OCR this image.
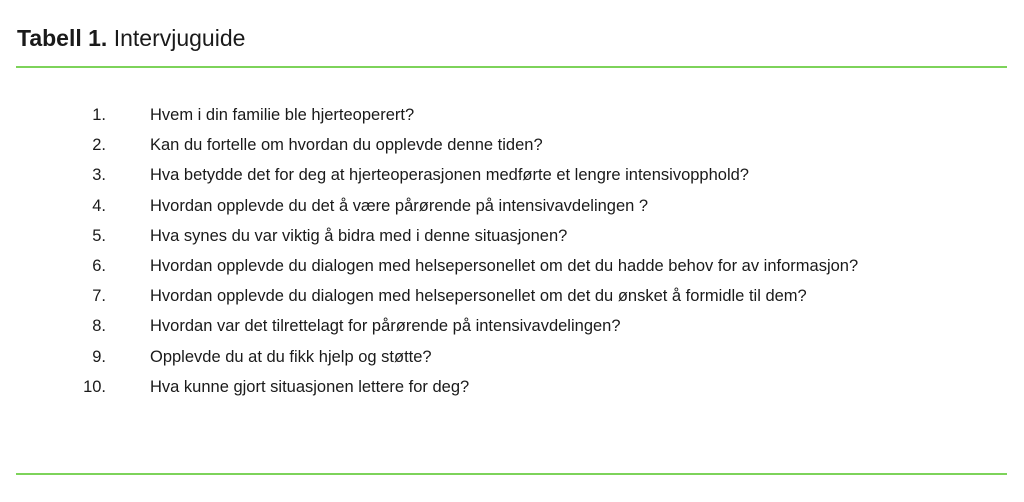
Tabell 1. Intervjuguide
1.	Hvem i din familie ble hjerteoperert?
2.	Kan du fortelle om hvordan du opplevde denne tiden?
3.	Hva betydde det for deg at hjerteoperasjonen medførte et lengre intensivopphold?
4.	Hvordan opplevde du det å være pårørende på intensivavdelingen ?
5.	Hva synes du var viktig å bidra med i denne situasjonen?
6.	Hvordan opplevde du dialogen med helsepersonellet om det du hadde behov for av informasjon?
7.	Hvordan opplevde du dialogen med helsepersonellet om det du ønsket å formidle til dem?
8.	Hvordan var det tilrettelagt for pårørende på intensivavdelingen?
9.	Opplevde du at du fikk hjelp og støtte?
10.	Hva kunne gjort situasjonen lettere for deg?
